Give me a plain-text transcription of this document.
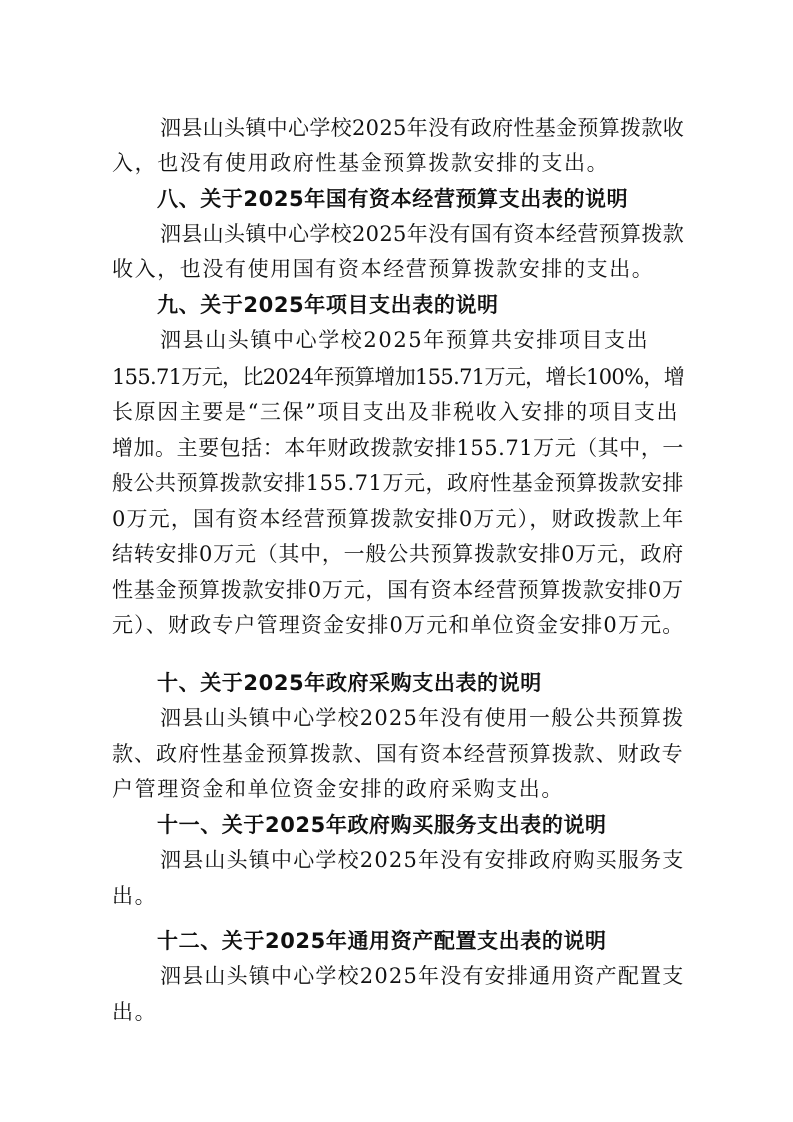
泗县山头镇中心学校2025年没有政府性基金预算拨款收
入，也没有使用政府性基金预算拨款安排的支出。
八、关于2025年国有资本经营预算支出表的说明
泗县山头镇中心学校2025年没有国有资本经营预算拨款
收入，也没有使用国有资本经营预算拨款安排的支出。
九、关于2025年项目支出表的说明
泗县山头镇中心学校2025年预算共安排项目支出
155.71万元，比2024年预算增加155.71万元，增长100%，增
长原因主要是“三保”项目支出及非税收入安排的项目支出
增加。主要包括：本年财政拨款安排155.71万元（其中，一
般公共预算拨款安排155.71万元，政府性基金预算拨款安排
0万元，国有资本经营预算拨款安排0万元），财政拨款上年
结转安排0万元（其中，一般公共预算拨款安排0万元，政府
性基金预算拨款安排0万元，国有资本经营预算拨款安排0万
元）、财政专户管理资金安排0万元和单位资金安排0万元。
十、关于2025年政府采购支出表的说明
泗县山头镇中心学校2025年没有使用一般公共预算拨
款、政府性基金预算拨款、国有资本经营预算拨款、财政专
户管理资金和单位资金安排的政府采购支出。
十一、关于2025年政府购买服务支出表的说明
泗县山头镇中心学校2025年没有安排政府购买服务支
出。
十二、关于2025年通用资产配置支出表的说明
泗县山头镇中心学校2025年没有安排通用资产配置支
出。
